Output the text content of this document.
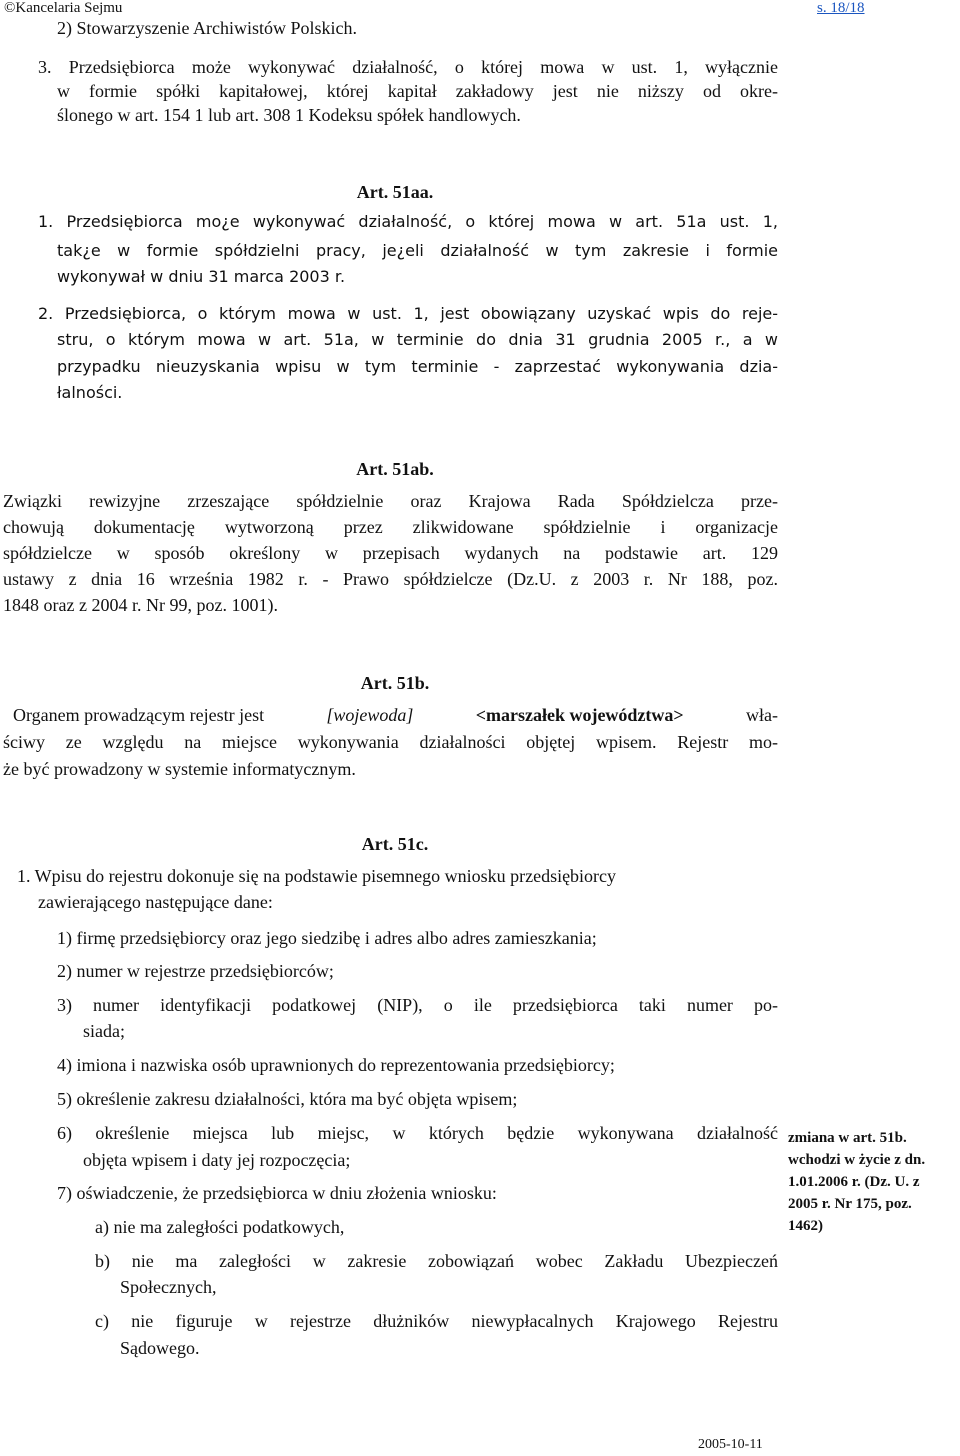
©Kancelaria Sejmu	s. 18/18
2) Stowarzyszenie Archiwistów Polskich.
3. Przedsiębiorca może wykonywać działalność, o której mowa w ust. 1, wyłącznie
w formie spółki kapitałowej, której kapitał zakładowy jest nie niższy od okre-
ślonego w art. 154 1 lub art. 308 1 Kodeksu spółek handlowych.
Art. 51aa.
1. Przedsiębiorca mo¿e wykonywać działalność, o której mowa w art. 51a ust. 1,
tak¿e w formie spółdzielni pracy, je¿eli działalność w tym zakresie i formie
wykonywał w dniu 31 marca 2003 r.
2. Przedsiębiorca, o którym mowa w ust. 1, jest obowiązany uzyskać wpis do reje-
stru, o którym mowa w art. 51a, w terminie do dnia 31 grudnia 2005 r., a w
przypadku nieuzyskania wpisu w tym terminie - zaprzestać wykonywania dzia-
łalności.
Art. 51ab.
Związki rewizyjne zrzeszające spółdzielnie oraz Krajowa Rada Spółdzielcza prze-
chowują dokumentację wytworzoną przez zlikwidowane spółdzielnie i organizacje
spółdzielcze w sposób określony w przepisach wydanych na podstawie art. 129
ustawy z dnia 16 września 1982 r. - Prawo spółdzielcze (Dz.U. z 2003 r. Nr 188, poz.
1848 oraz z 2004 r. Nr 99, poz. 1001).
Art. 51b.
Organem prowadzącym rejestr jest	[wojewoda]	<marszałek województwa>	wła-
ściwy ze względu na miejsce wykonywania działalności objętej wpisem. Rejestr mo-
że być prowadzony w systemie informatycznym.
Art. 51c.
1. Wpisu do rejestru dokonuje się na podstawie pisemnego wniosku przedsiębiorcy
zawierającego następujące dane:
1) firmę przedsiębiorcy oraz jego siedzibę i adres albo adres zamieszkania;
2) numer w rejestrze przedsiębiorców;
3) numer identyfikacji podatkowej (NIP), o ile przedsiębiorca taki numer po-
siada;
4) imiona i nazwiska osób uprawnionych do reprezentowania przedsiębiorcy;
5) określenie zakresu działalności, która ma być objęta wpisem;
6) określenie miejsca lub miejsc, w których będzie wykonywana działalność
objęta wpisem i daty jej rozpoczęcia;
7) oświadczenie, że przedsiębiorca w dniu złożenia wniosku:
a) nie ma zaległości podatkowych,
b) nie ma zaległości w zakresie zobowiązań wobec Zakładu Ubezpieczeń
Społecznych,
c) nie figuruje w rejestrze dłużników niewypłacalnych Krajowego Rejestru
Sądowego.
zmiana w art. 51b.
wchodzi w życie z dn.
1.01.2006 r. (Dz. U. z
2005 r. Nr 175, poz.
1462)
2005-10-11
